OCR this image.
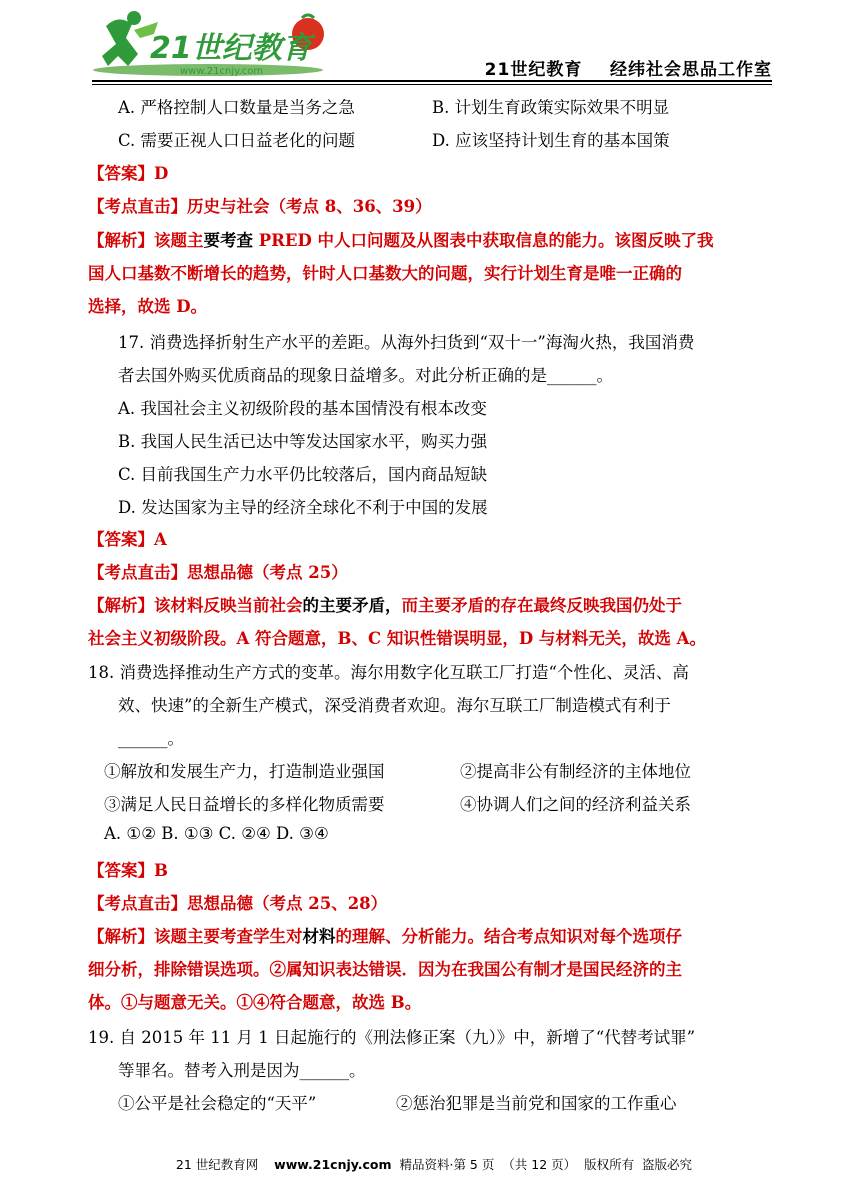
21世纪教育
www.21cnjy.com	21世纪教育    经纬社会思品工作室
A. 严格控制人口数量是当务之急	B. 计划生育政策实际效果不明显
C. 需要正视人口日益老化的问题	D. 应该坚持计划生育的基本国策
【答案】D
【考点直击】历史与社会（考点 8、36、39）
【解析】该题主要考查 PRED 中人口问题及从图表中获取信息的能力。该图反映了我
国人口基数不断增长的趋势，针时人口基数大的问题，实行计划生育是唯一正确的
选择，故选 D。
17. 消费选择折射生产水平的差距。从海外扫货到“双十一”海淘火热，我国消费
者去国外购买优质商品的现象日益增多。对此分析正确的是______。
A. 我国社会主义初级阶段的基本国情没有根本改变
B. 我国人民生活已达中等发达国家水平，购买力强
C. 目前我国生产力水平仍比较落后，国内商品短缺
D. 发达国家为主导的经济全球化不利于中国的发展
【答案】A
【考点直击】思想品德（考点 25）
【解析】该材料反映当前社会的主要矛盾，而主要矛盾的存在最终反映我国仍处于
社会主义初级阶段。A 符合题意，B、C 知识性错误明显，D 与材料无关，故选 A。
18. 消费选择推动生产方式的变革。海尔用数字化互联工厂打造“个性化、灵活、高
效、快速”的全新生产模式，深受消费者欢迎。海尔互联工厂制造模式有利于
______。
①解放和发展生产力，打造制造业强国	②提高非公有制经济的主体地位
③满足人民日益增长的多样化物质需要	④协调人们之间的经济利益关系
A. ①② B. ①③ C. ②④ D. ③④
【答案】B
【考点直击】思想品德（考点 25、28）
【解析】该题主要考查学生对材料的理解、分析能力。结合考点知识对每个选项仔
细分析，排除错误选项。②属知识表达错误．因为在我国公有制才是国民经济的主
体。①与题意无关。①④符合题意，故选 B。
19. 自 2015 年 11 月 1 日起施行的《刑法修正案（九）》中，新增了“代替考试罪”
等罪名。替考入刑是因为______。
①公平是社会稳定的“天平”	②惩治犯罪是当前党和国家的工作重心

21 世纪教育网 www.21cnjy.com 精品资料·第 5 页  （共 12 页）  版权所有  盗版必究
